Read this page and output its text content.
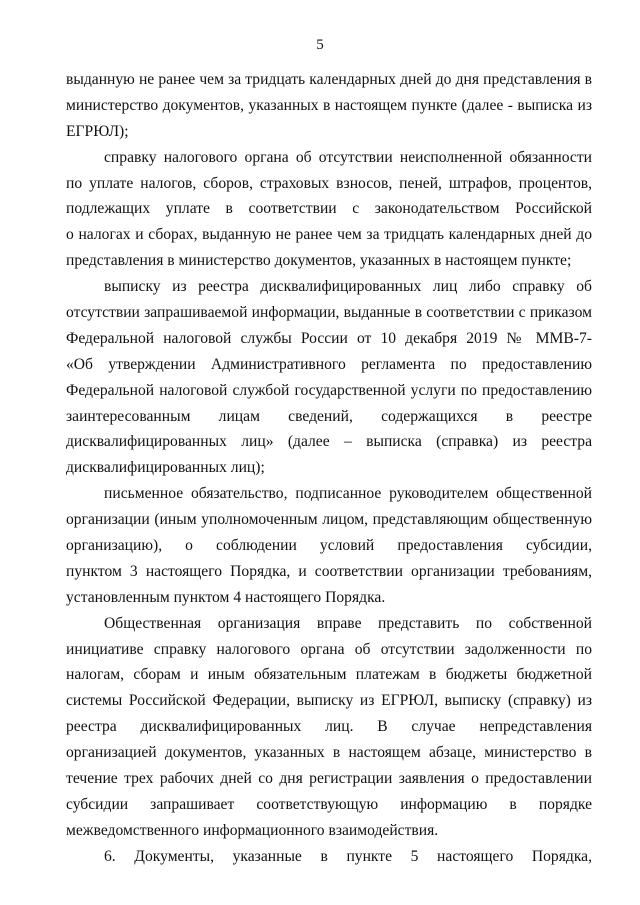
5
выданную не ранее чем за тридцать календарных дней до дня представления в
министерство документов, указанных в настоящем пункте (далее - выписка из
ЕГРЮЛ);
справку налогового органа об отсутствии неисполненной обязанности
по уплате налогов, сборов, страховых взносов, пеней, штрафов, процентов,
подлежащих уплате в соответствии с законодательством Российской
о налогах и сборах, выданную не ранее чем за тридцать календарных дней до
представления в министерство документов, указанных в настоящем пункте;
выписку из реестра дисквалифицированных лиц либо справку об
отсутствии запрашиваемой информации, выданные в соответствии с приказом
Федеральной налоговой службы России от 10 декабря 2019 № ММВ-7-
«Об утверждении Административного регламента по предоставлению
Федеральной налоговой службой государственной услуги по предоставлению
заинтересованным лицам сведений, содержащихся в реестре
дисквалифицированных лиц» (далее – выписка (справка) из реестра
дисквалифицированных лиц);
письменное обязательство, подписанное руководителем общественной
организации (иным уполномоченным лицом, представляющим общественную
организацию), о соблюдении условий предоставления субсидии,
пунктом 3 настоящего Порядка, и соответствии организации требованиям,
установленным пунктом 4 настоящего Порядка.
Общественная организация вправе представить по собственной
инициативе справку налогового органа об отсутствии задолженности по
налогам, сборам и иным обязательным платежам в бюджеты бюджетной
системы Российской Федерации, выписку из ЕГРЮЛ, выписку (справку) из
реестра дисквалифицированных лиц. В случае непредставления
организацией документов, указанных в настоящем абзаце, министерство в
течение трех рабочих дней со дня регистрации заявления о предоставлении
субсидии запрашивает соответствующую информацию в порядке
межведомственного информационного взаимодействия.
6. Документы, указанные в пункте 5 настоящего Порядка,
